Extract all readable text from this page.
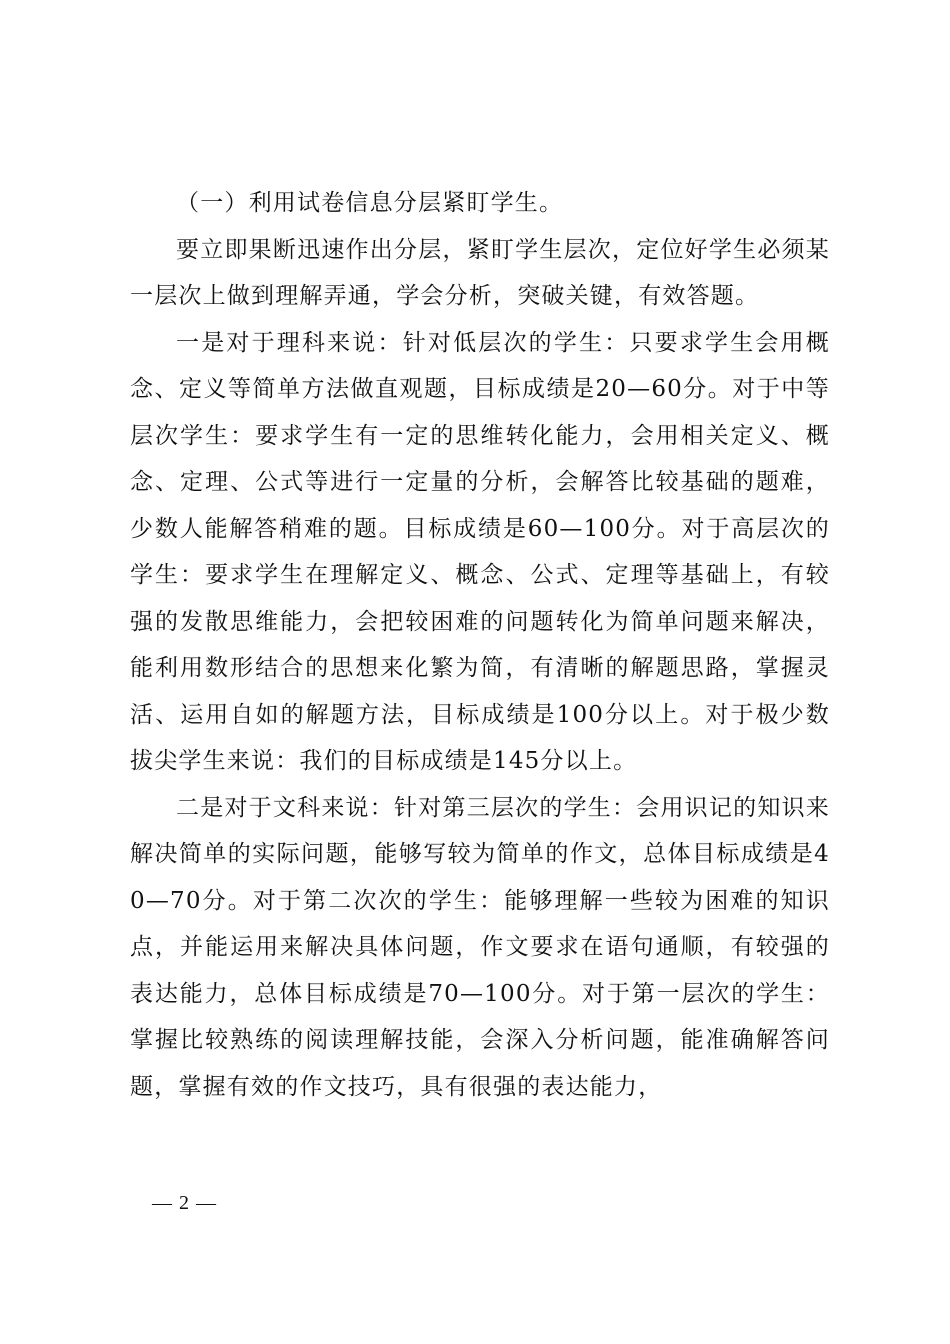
（一）利用试卷信息分层紧盯学生。

要立即果断迅速作出分层，紧盯学生层次，定位好学生必须某一层次上做到理解弄通，学会分析，突破关键，有效答题。

一是对于理科来说：针对低层次的学生：只要求学生会用概念、定义等简单方法做直观题，目标成绩是20—60分。对于中等层次学生：要求学生有一定的思维转化能力，会用相关定义、概念、定理、公式等进行一定量的分析，会解答比较基础的题难，少数人能解答稍难的题。目标成绩是60—100分。对于高层次的学生：要求学生在理解定义、概念、公式、定理等基础上，有较强的发散思维能力，会把较困难的问题转化为简单问题来解决，能利用数形结合的思想来化繁为简，有清晰的解题思路，掌握灵活、运用自如的解题方法，目标成绩是100分以上。对于极少数拔尖学生来说：我们的目标成绩是145分以上。

二是对于文科来说：针对第三层次的学生：会用识记的知识来解决简单的实际问题，能够写较为简单的作文，总体目标成绩是40—70分。对于第二次次的学生：能够理解一些较为困难的知识点，并能运用来解决具体问题，作文要求在语句通顺，有较强的表达能力，总体目标成绩是70—100分。对于第一层次的学生：掌握比较熟练的阅读理解技能，会深入分析问题，能准确解答问题，掌握有效的作文技巧，具有很强的表达能力，

— 2 —
